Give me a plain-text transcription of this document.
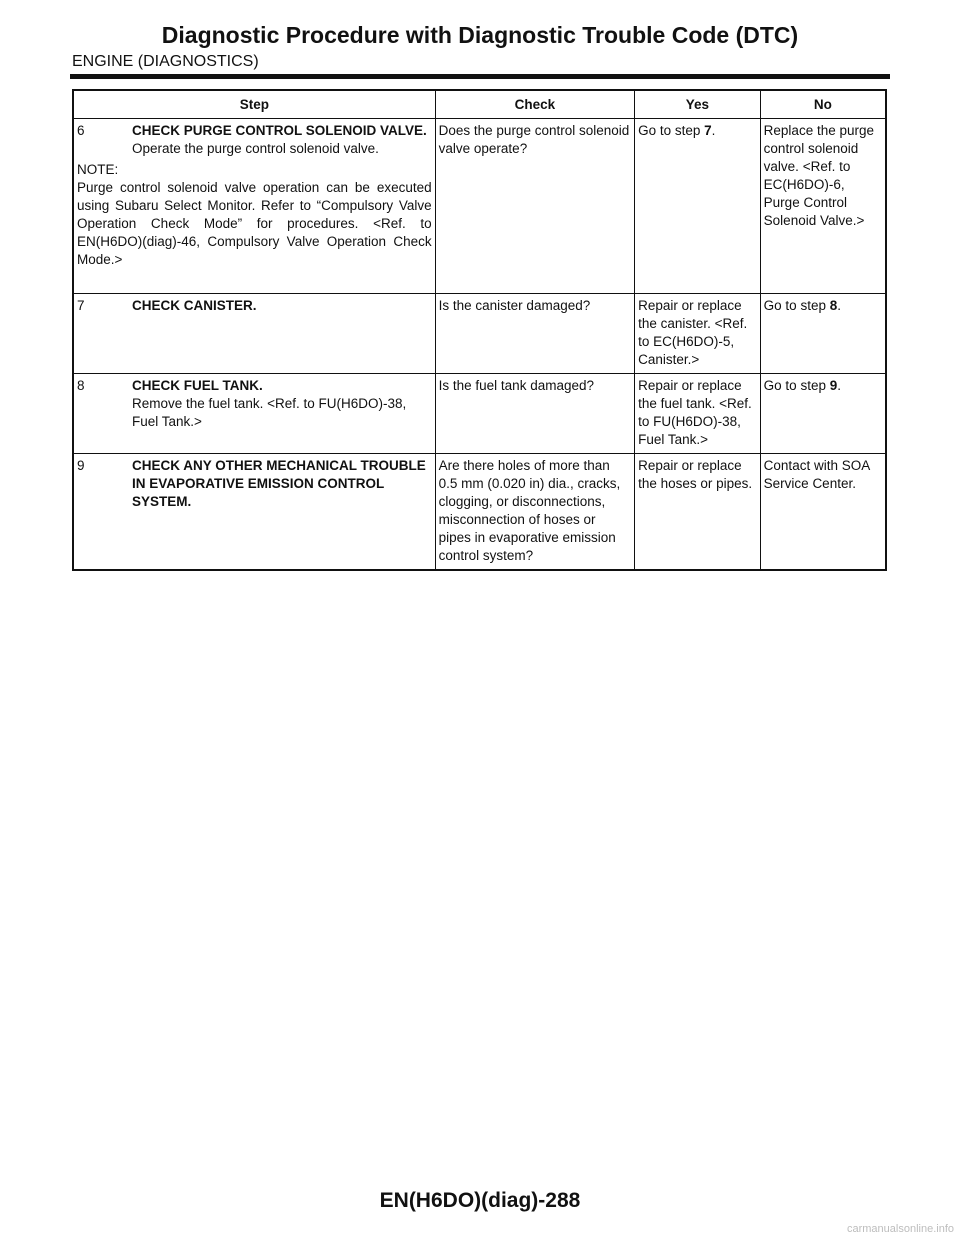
Diagnostic Procedure with Diagnostic Trouble Code (DTC)
ENGINE (DIAGNOSTICS)
Step	Check	Yes	No

6 CHECK PURGE CONTROL SOLENOID VALVE.
Operate the purge control solenoid valve.
NOTE:
Purge control solenoid valve operation can be executed using Subaru Select Monitor. Refer to “Compulsory Valve Operation Check Mode” for procedures. <Ref. to EN(H6DO)(diag)-46, Compulsory Valve Operation Check Mode.>	Does the purge control solenoid valve operate?	Go to step 7.	Replace the purge control solenoid valve. <Ref. to EC(H6DO)-6, Purge Control Solenoid Valve.>

7 CHECK CANISTER.	Is the canister damaged?	Repair or replace the canister. <Ref. to EC(H6DO)-5, Canister.>	Go to step 8.

8 CHECK FUEL TANK.
Remove the fuel tank. <Ref. to FU(H6DO)-38, Fuel Tank.>	Is the fuel tank damaged?	Repair or replace the fuel tank. <Ref. to FU(H6DO)-38, Fuel Tank.>	Go to step 9.

9 CHECK ANY OTHER MECHANICAL TROUBLE IN EVAPORATIVE EMISSION CONTROL SYSTEM.	Are there holes of more than 0.5 mm (0.020 in) dia., cracks, clogging, or disconnections, misconnection of hoses or pipes in evaporative emission control system?	Repair or replace the hoses or pipes.	Contact with SOA Service Center.
EN(H6DO)(diag)-288
carmanualsonline.info
